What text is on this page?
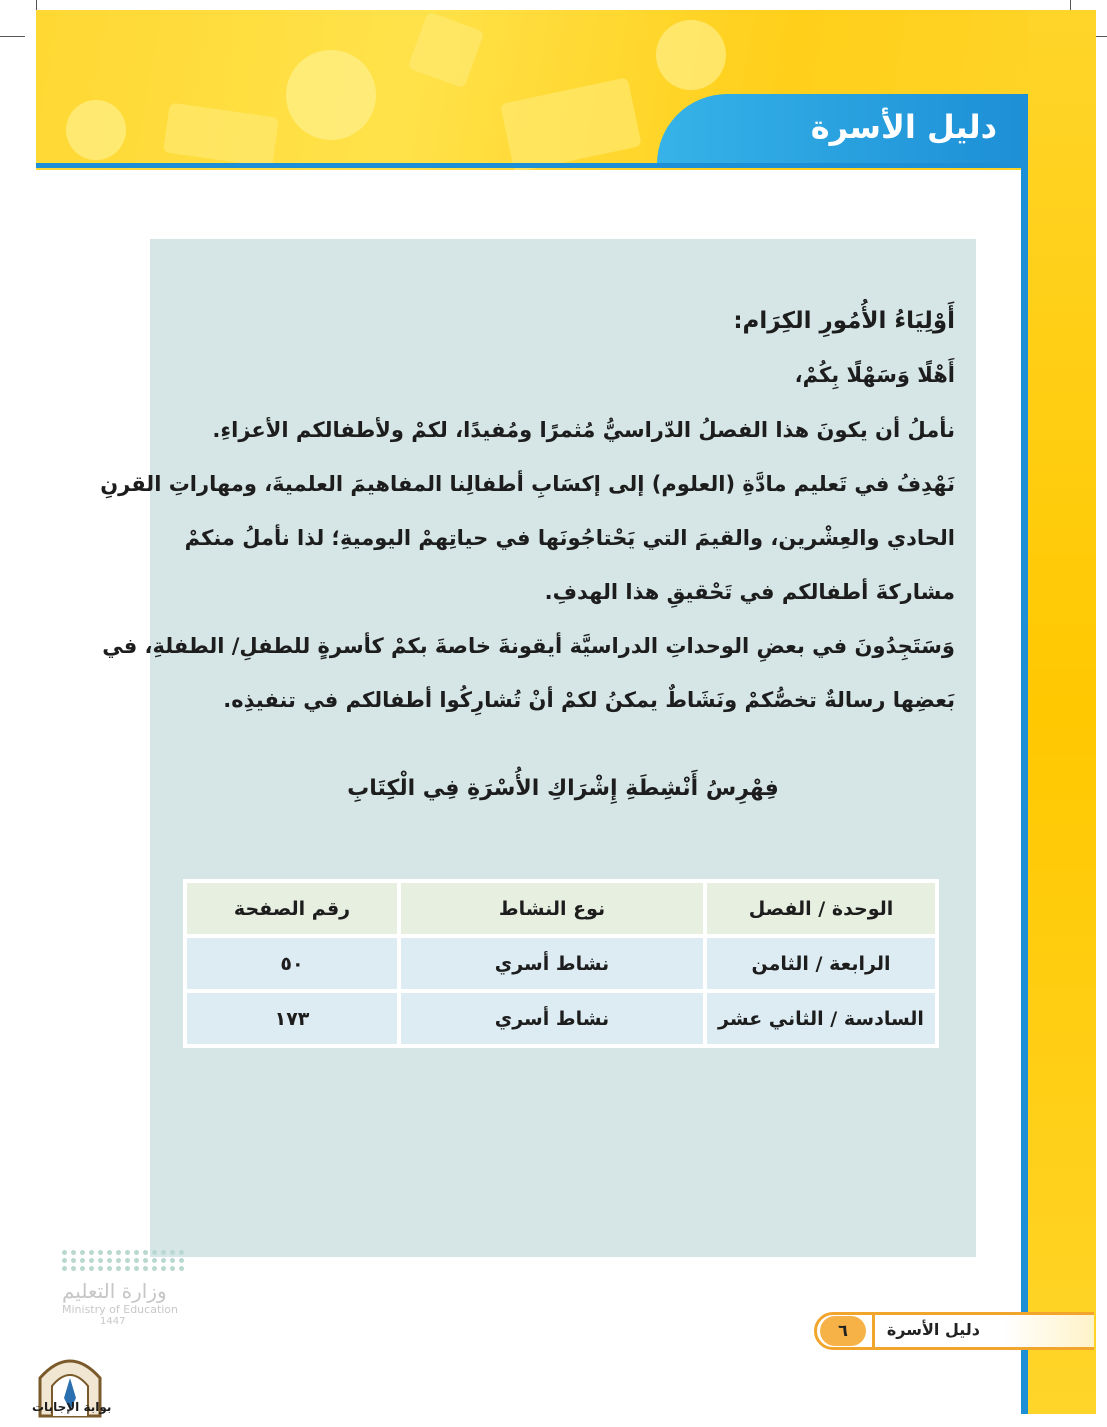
دليل الأسرة
أَوْلِيَاءُ الأُمُورِ الكِرَام:
أَهْلًا وَسَهْلًا بِكُمْ،
نأملُ أن يكونَ هذا الفصلُ الدّراسيُّ مُثمرًا ومُفيدًا، لكمْ ولأطفالكم الأعزاءِ.
نَهْدِفُ في تَعليم مادَّةِ (العلوم) إلى إكسَابِ أطفالِنا المفاهيمَ العلميةَ، ومهاراتِ القرنِ
الحادي والعِشْرين، والقيمَ التي يَحْتاجُونَها في حياتِهمْ اليوميةِ؛ لذا نأملُ منكمْ
مشاركةَ أطفالكم في تَحْقيقِ هذا الهدفِ.
وَسَتَجِدُونَ في بعضِ الوحداتِ الدراسيَّة أيقونةَ خاصةَ بكمْ كأسرةٍ للطفلِ/ الطفلةِ، في
بَعضِها رسالةٌ تخصُّكمْ ونَشَاطٌ يمكنُ لكمْ أنْ تُشارِكُوا أطفالكم في تنفيذِه.
فِهْرِسُ أَنْشِطَةِ إِشْرَاكِ الأُسْرَةِ فِي الْكِتَابِ
الوحدة / الفصل	نوع النشاط	رقم الصفحة
الرابعة / الثامن	نشاط أسري	٥٠
السادسة / الثاني عشر	نشاط أسري	١٧٣
وزارة التعليم
Ministry of Education
1447
بوابة الإجابات
٦	دليل الأسرة
